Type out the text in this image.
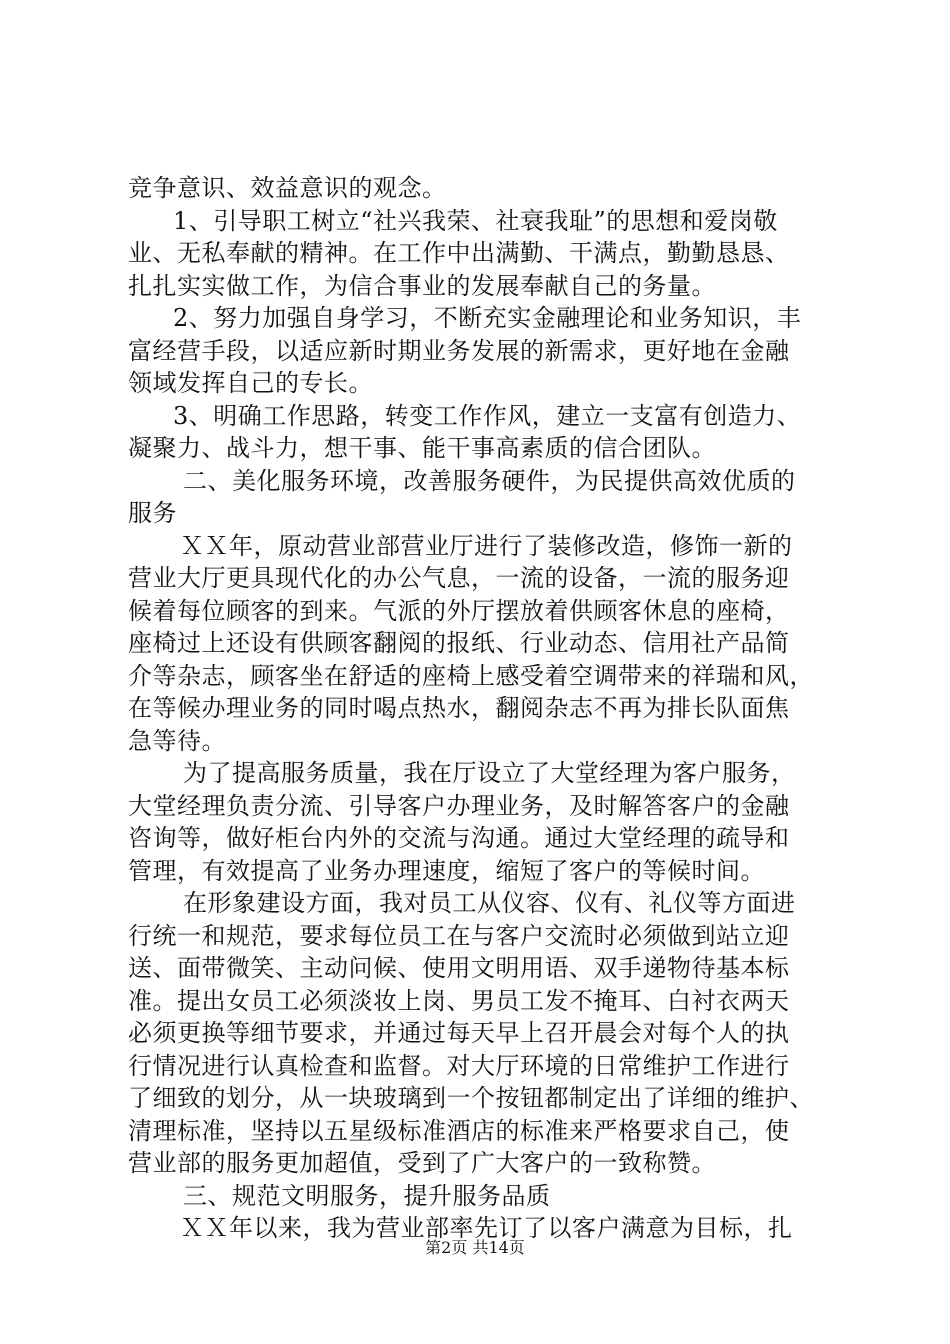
竞争意识、效益意识的观念。
1、引导职工树立“社兴我荣、社衰我耻”的思想和爱岗敬
业、无私奉献的精神。在工作中出满勤、干满点，勤勤恳恳、
扎扎实实做工作，为信合事业的发展奉献自己的务量。
2、努力加强自身学习，不断充实金融理论和业务知识，丰
富经营手段，以适应新时期业务发展的新需求，更好地在金融
领域发挥自己的专长。
3、明确工作思路，转变工作作风，建立一支富有创造力、
凝聚力、战斗力，想干事、能干事高素质的信合团队。
二、美化服务环境，改善服务硬件，为民提供高效优质的
服务
ＸＸ年，原动营业部营业厅进行了装修改造，修饰一新的
营业大厅更具现代化的办公气息，一流的设备，一流的服务迎
候着每位顾客的到来。气派的外厅摆放着供顾客休息的座椅，
座椅过上还设有供顾客翻阅的报纸、行业动态、信用社产品简
介等杂志，顾客坐在舒适的座椅上感受着空调带来的祥瑞和风，
在等候办理业务的同时喝点热水，翻阅杂志不再为排长队面焦
急等待。
为了提高服务质量，我在厅设立了大堂经理为客户服务，
大堂经理负责分流、引导客户办理业务，及时解答客户的金融
咨询等，做好柜台内外的交流与沟通。通过大堂经理的疏导和
管理，有效提高了业务办理速度，缩短了客户的等候时间。
在形象建设方面，我对员工从仪容、仪有、礼仪等方面进
行统一和规范，要求每位员工在与客户交流时必须做到站立迎
送、面带微笑、主动问候、使用文明用语、双手递物待基本标
准。提出女员工必须淡妆上岗、男员工发不掩耳、白衬衣两天
必须更换等细节要求，并通过每天早上召开晨会对每个人的执
行情况进行认真检查和监督。对大厅环境的日常维护工作进行
了细致的划分，从一块玻璃到一个按钮都制定出了详细的维护、
清理标准，坚持以五星级标准酒店的标准来严格要求自己，使
营业部的服务更加超值，受到了广大客户的一致称赞。
三、规范文明服务，提升服务品质
ＸＸ年以来，我为营业部率先订了以客户满意为目标，扎
第2页 共14页
